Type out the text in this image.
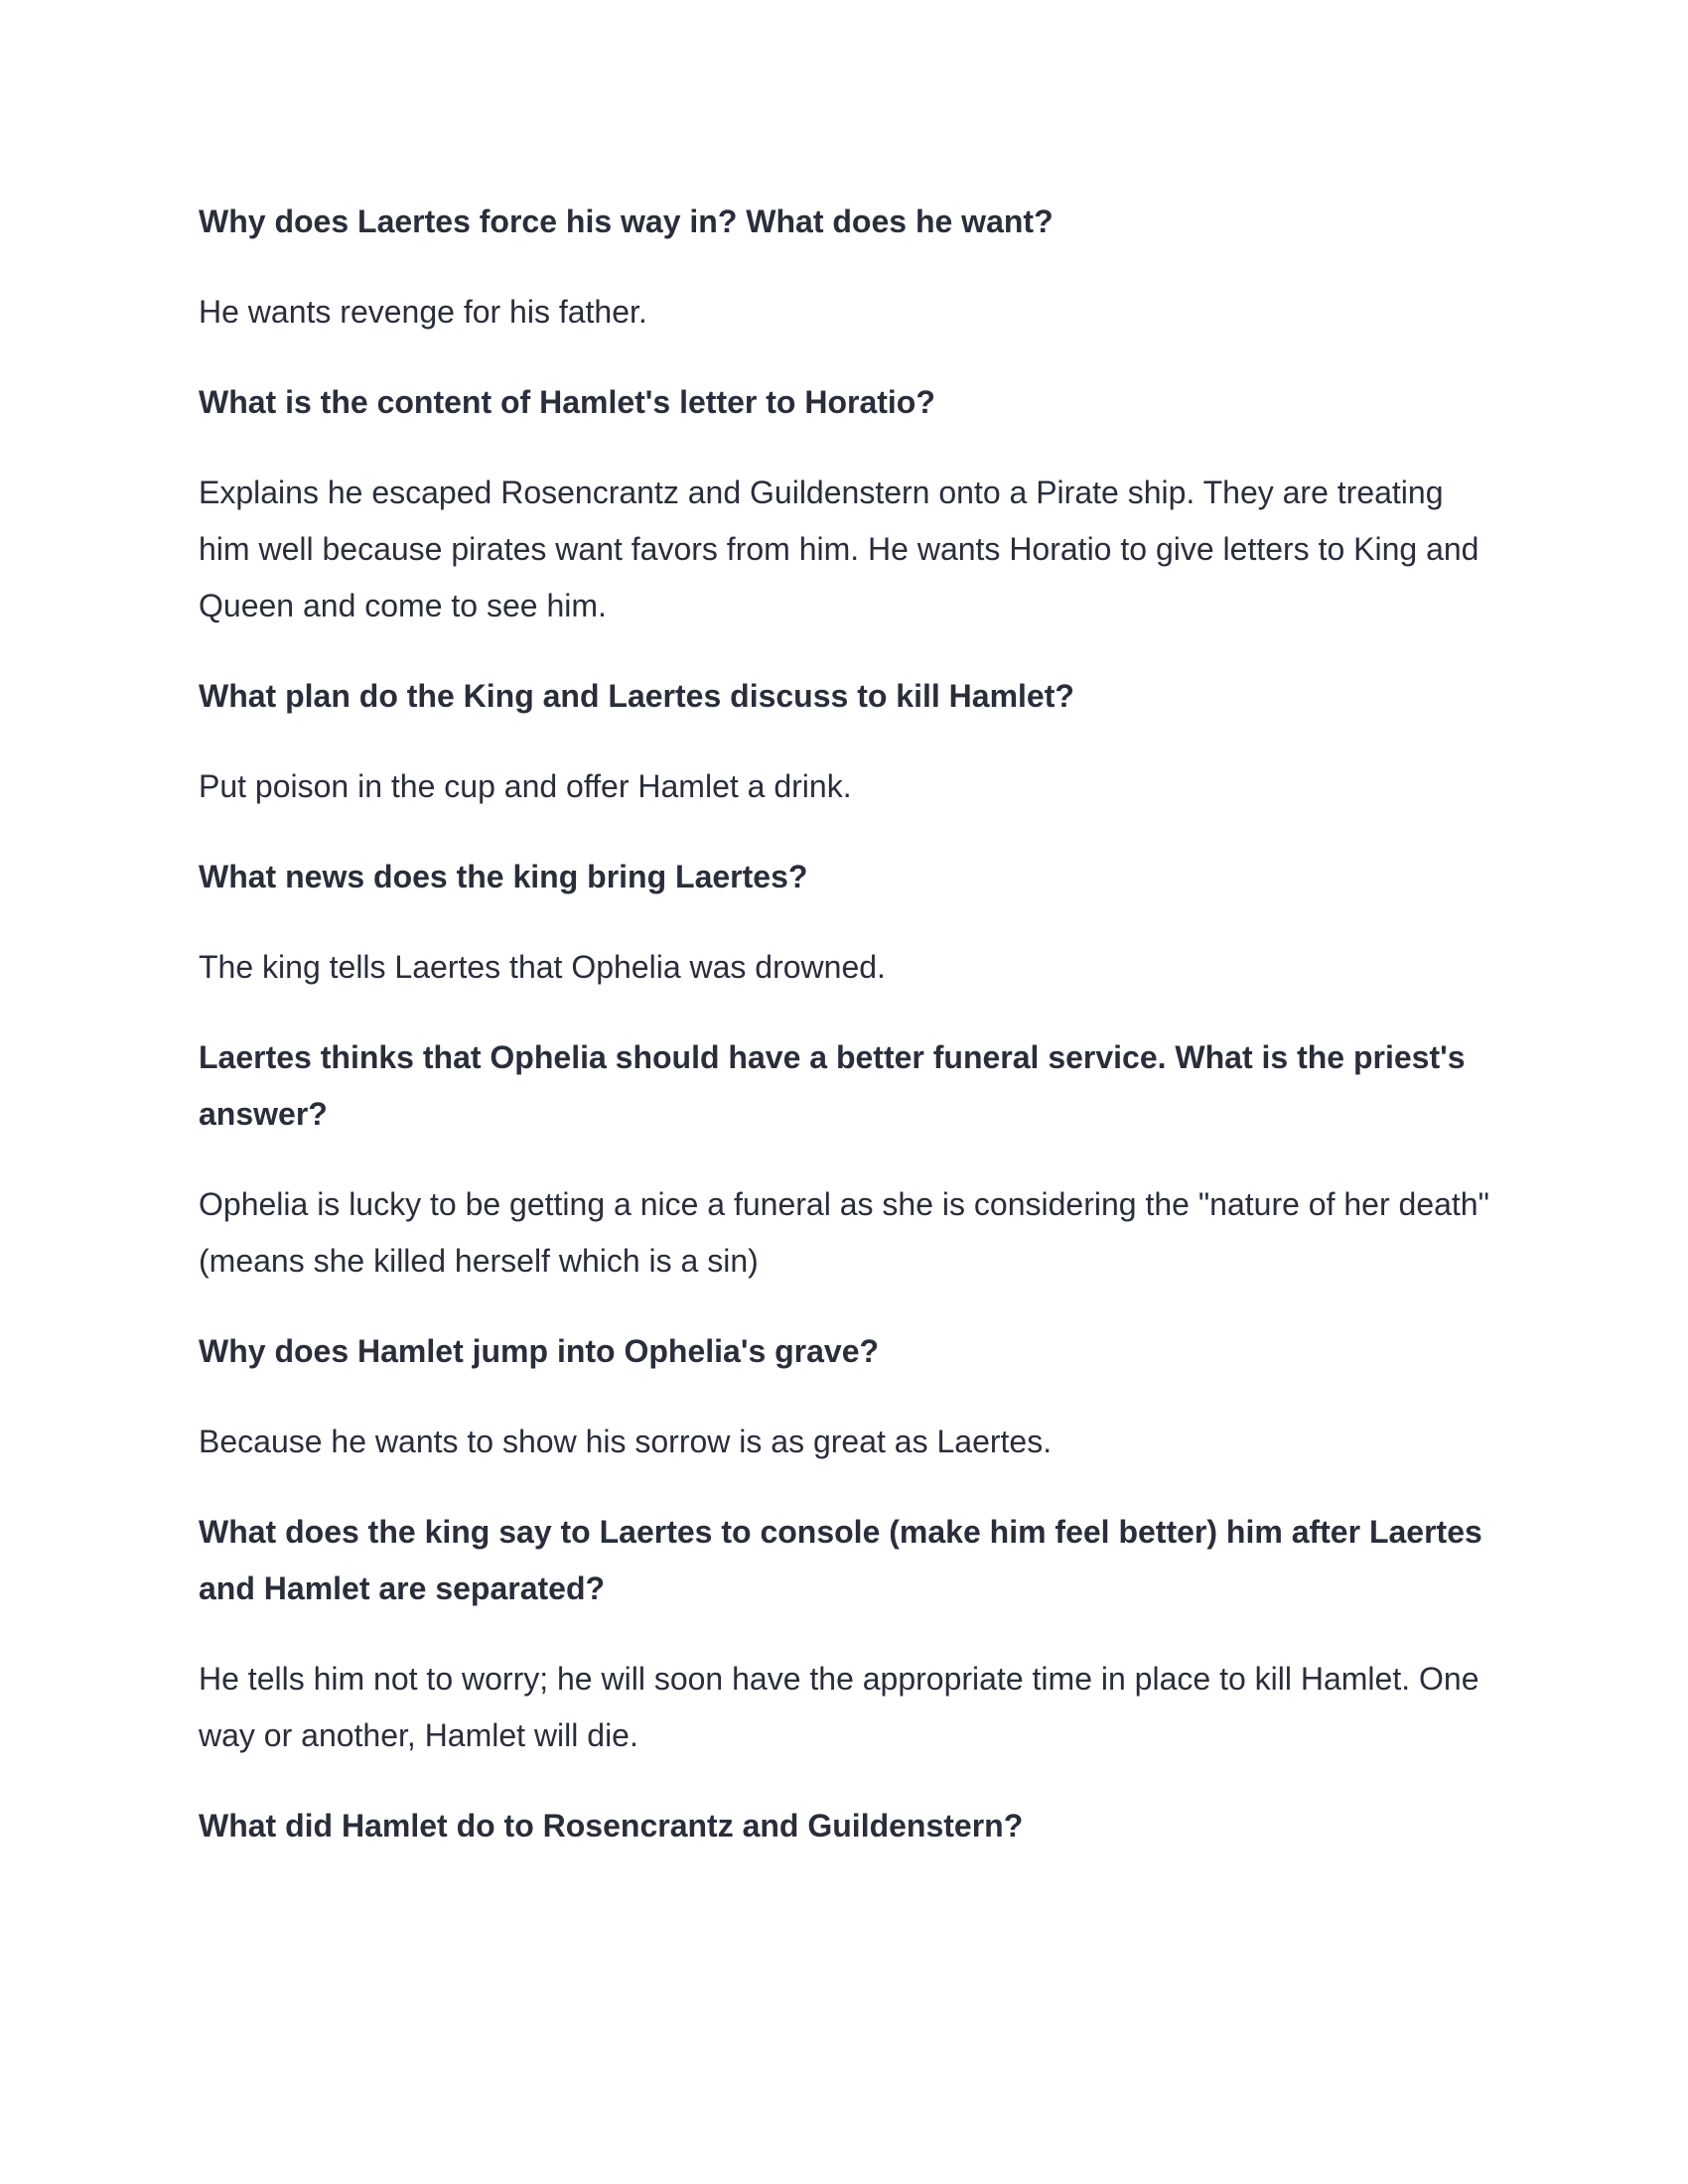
Why does Laertes force his way in? What does he want?

He wants revenge for his father.

What is the content of Hamlet's letter to Horatio?

Explains he escaped Rosencrantz and Guildenstern onto a Pirate ship. They are treating him well because pirates want favors from him. He wants Horatio to give letters to King and Queen and come to see him.

What plan do the King and Laertes discuss to kill Hamlet?

Put poison in the cup and offer Hamlet a drink.

What news does the king bring Laertes?

The king tells Laertes that Ophelia was drowned.

Laertes thinks that Ophelia should have a better funeral service. What is the priest's answer?

Ophelia is lucky to be getting a nice a funeral as she is considering the "nature of her death" (means she killed herself which is a sin)

Why does Hamlet jump into Ophelia's grave?

Because he wants to show his sorrow is as great as Laertes.

What does the king say to Laertes to console (make him feel better) him after Laertes and Hamlet are separated?

He tells him not to worry; he will soon have the appropriate time in place to kill Hamlet. One way or another, Hamlet will die.

What did Hamlet do to Rosencrantz and Guildenstern?
